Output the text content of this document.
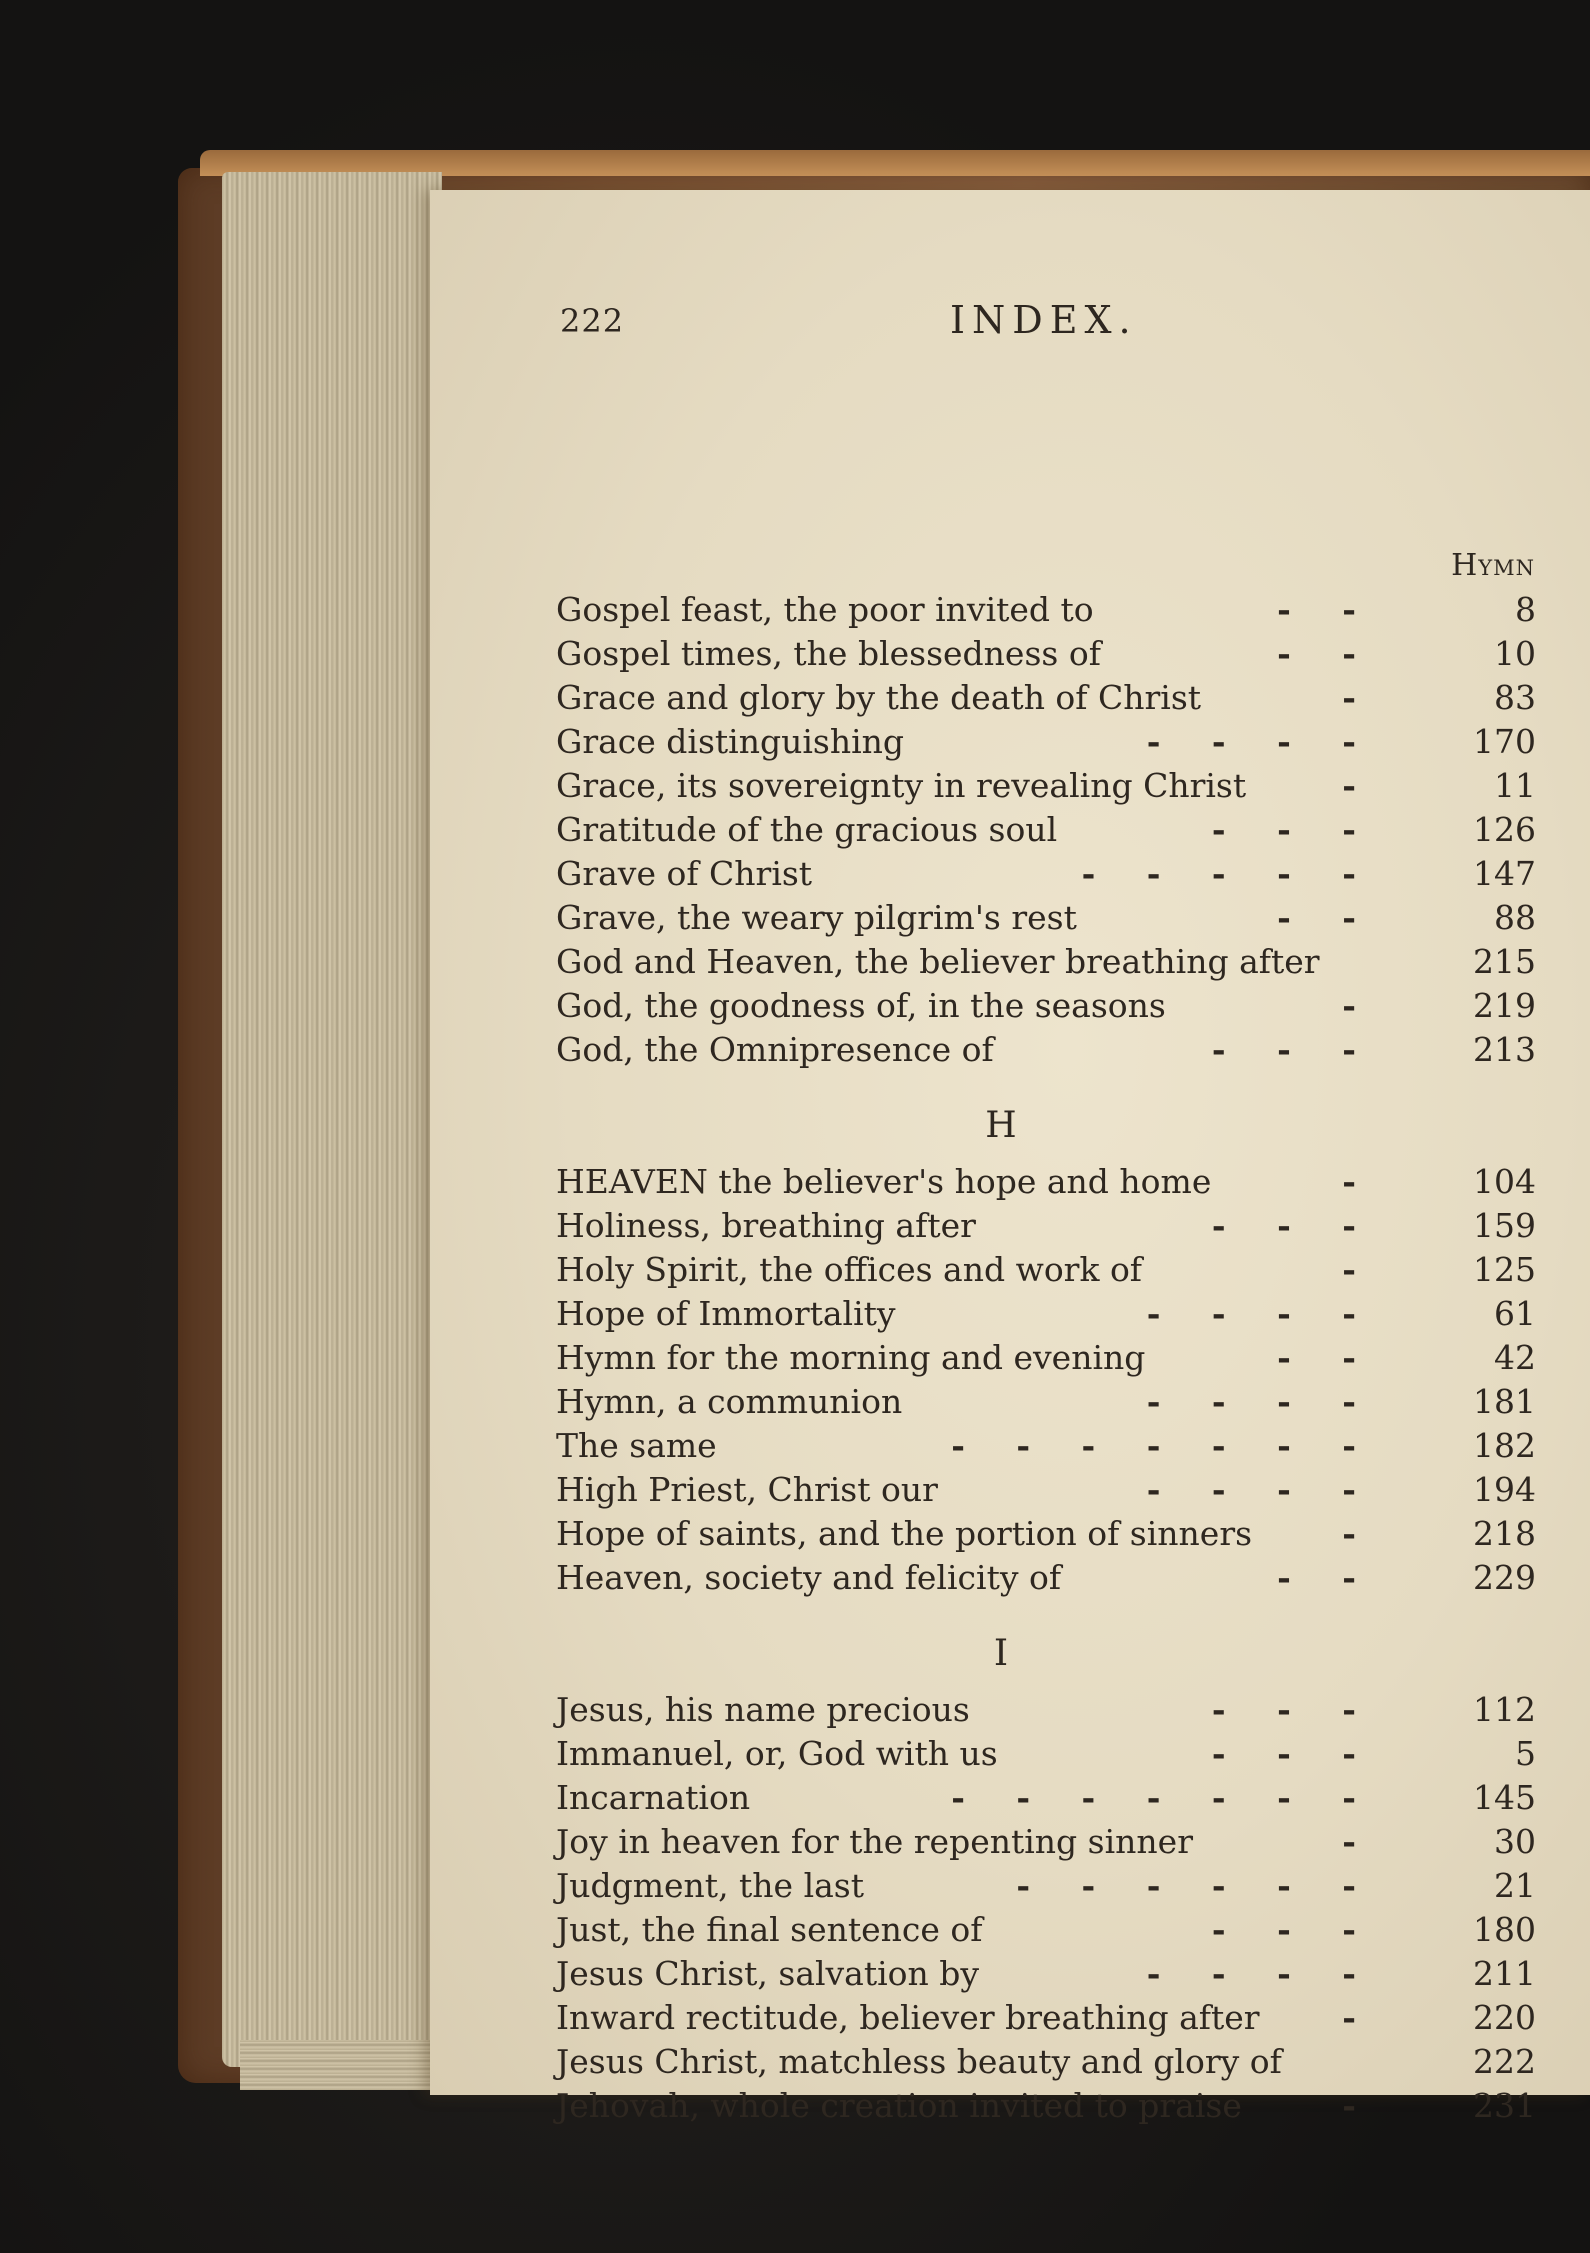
222	INDEX.
Hymn
Gospel feast, the poor invited to	- -	8
Gospel times, the blessedness of	- -	10
Grace and glory by the death of Christ	-	83
Grace distinguishing	- - - -	170
Grace, its sovereignty in revealing Christ	-	11
Gratitude of the gracious soul	- - -	126
Grave of Christ	- - - - -	147
Grave, the weary pilgrim's rest	- -	88
God and Heaven, the believer breathing after	215
God, the goodness of, in the seasons	-	219
God, the Omnipresence of	- - -	213
H
HEAVEN the believer's hope and home	-	104
Holiness, breathing after	- - -	159
Holy Spirit, the offices and work of	-	125
Hope of Immortality	- - - -	61
Hymn for the morning and evening	- -	42
Hymn, a communion	- - - -	181
The same	- - - - - - -	182
High Priest, Christ our	- - - -	194
Hope of saints, and the portion of sinners	-	218
Heaven, society and felicity of	- -	229
I
Jesus, his name precious	- - -	112
Immanuel, or, God with us	- - -	5
Incarnation	- - - - - - -	145
Joy in heaven for the repenting sinner	-	30
Judgment, the last	- - - - - -	21
Just, the final sentence of	- - -	180
Jesus Christ, salvation by	- - - -	211
Inward rectitude, believer breathing after	-	220
Jesus Christ, matchless beauty and glory of	222
Jehovah, whole creation invited to praise	-	231
